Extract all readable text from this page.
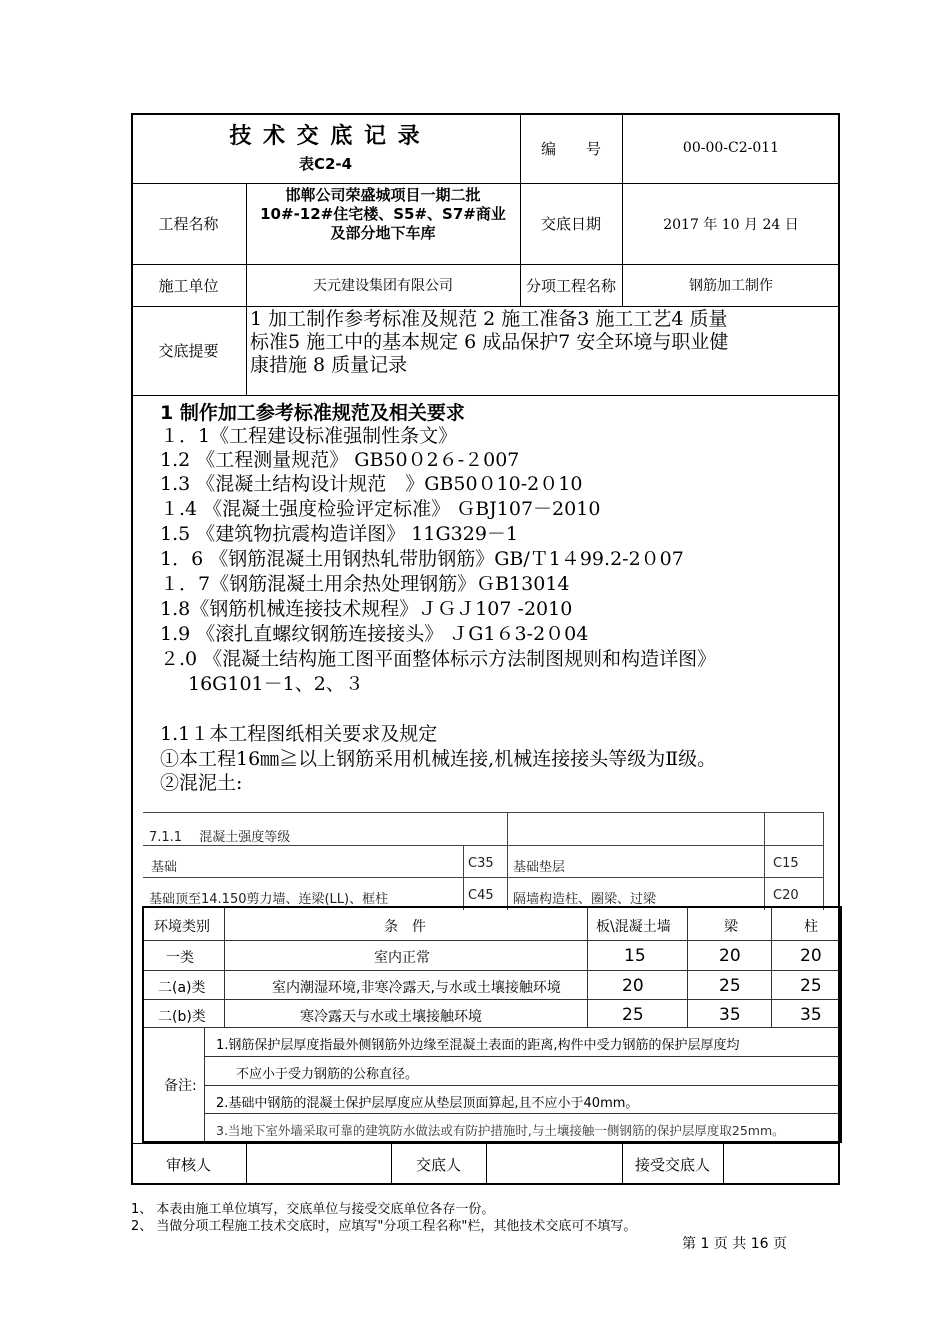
技 术 交 底 记 录
表C2-4
编　　号	00-00-C2-011
工程名称
邯郸公司荣盛城项目一期二批
10#-12#住宅楼、S5#、S7#商业
及部分地下车库	交底日期	2017 年 10 月 24 日
施工单位	天元建设集团有限公司	分项工程名称	钢筋加工制作
交底提要
1 加工制作参考标准及规范 2 施工准备3 施工工艺4 质量
标准5 施工中的基本规定 6 成品保护7 安全环境与职业健
康措施 8 质量记录
1 制作加工参考标准规范及相关要求
１．1《工程建设标准强制性条文》
1.2 《工程测量规范》 GB50０2６-２007
1.3 《混凝土结构设计规范　》GB50０10-2０10
１.4 《混凝土强度检验评定标准》 ＧBJ107－2010
1.5 《建筑物抗震构造详图》 11G329－1
1．6 《钢筋混凝土用钢热轧带肋钢筋》GB/Ｔ1４99.2-2０07
１．7《钢筋混凝土用余热处理钢筋》ＧB13014
1.8《钢筋机械连接技术规程》ＪＧＪ107 -2010
1.9 《滚扎直螺纹钢筋连接接头》 ＪG1６3-2０04
２.0 《混凝土结构施工图平面整体标示方法制图规则和构造详图》
16G101－1、2、３
1.1１本工程图纸相关要求及规定
①本工程16㎜≧以上钢筋采用机械连接,机械连接接头等级为Ⅱ级。
②混泥土:
7.1.1　 混凝土强度等级
基础	C35 基础垫层	C15
基础顶至14.150剪力墙、连梁(LL)、框柱	C45 隔墙构造柱、圈梁、过梁	C20
环境类别	条　件	板\混凝土墙	梁	柱
一类	室内正常	15	20	20
二(a)类	室内潮湿环境,非寒冷露天,与水或土壤接触环境	20	25	25
二(b)类	寒冷露天与水或土壤接触环境	25	35	35
备注:
1.钢筋保护层厚度指最外侧钢筋外边缘至混凝土表面的距离,构件中受力钢筋的保护层厚度均
不应小于受力钢筋的公称直径。
2.基础中钢筋的混凝土保护层厚度应从垫层顶面算起,且不应小于40mm。
3.当地下室外墙采取可靠的建筑防水做法或有防护措施时,与土壤接触一侧钢筋的保护层厚度取25mm。
审核人	交底人	接受交底人
1、 本表由施工单位填写，交底单位与接受交底单位各存一份。
2、 当做分项工程施工技术交底时，应填写"分项工程名称"栏，其他技术交底可不填写。
第 1 页 共 16 页
